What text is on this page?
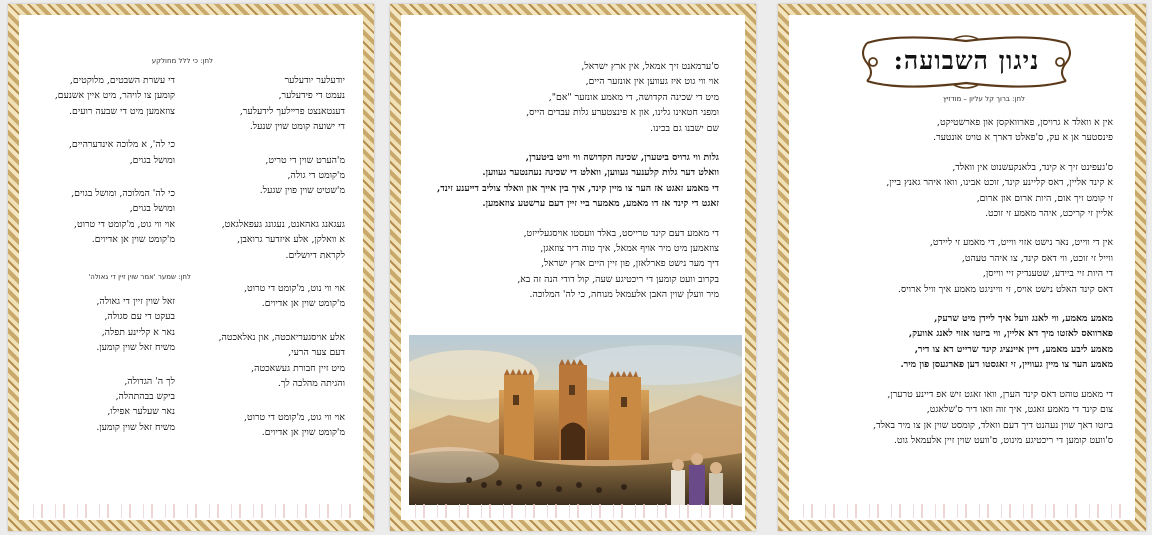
לחן: כי ללל מחולקע
יודעלער יודעלער
נעמט די פידעלער,
דענטאנצט פרײלעך לידעלער,
די ישועה קומט שוין שנעל.
מ'הערט שוין די טריט,
מ'קומט די גולה,
מ'שטיט שוין פוין שגעל.
געגאנג גאהאנט, נעגונג געפאלגאט,
א וואלקן, אלע איזדער גרואבן,
לקראת דיושלים.
אוי ווי נוט, מ'קומט די טרוט,
מ'קומט שוין אן אדיוים.
אלע אויסגעריאכטה, און נאלאכטה,
דעם צער הרעי,
מיט זיין חבורת געשאכטה,
והגיתה מהלכה לך.
אוי ווי גוט, מ'קומט די טרוט,
מ'קומט שוין אן אדיוים.
די עשרת השבטים, מלוקטים,
קומען צו לויהר, מיט איין אשנעם,
צוזאמען מיט די שבעה רועים.
כי לה', א מלוכה אינדערהיים,
ומושל בגוים,
כי לה' המלוכה, ומושל בגוים,
ומושל בגוים,
אוי ווי גוט, מ'קומט די טרוט,
מ'קומט שוין אן אדיוים.
לחן: שמער 'אמר שוין זיין די גאולה'
זאל שוין זיין די גאולה,
בעקט די עם סגולה,
נאר א קליינע תפלה,
משיח זאל שוין קומען.
לך ה' הגדולה,
ביקש בבהתהלה,
נאר שעלער אפילו,
משיח זאל שוין קומען.
ס'ערמאנט זיך אמאל, אין ארץ ישראל,
אוי ווי גוט איז געווען אין אונזער היים,
מיט די שכינה הקדושה, די מאמע אונזער "אם",
ומפני חטאינו גלינו, און א פינצטערע גלות עבדים הייס,
שם ישבנו גם בכינו.
גלות ווי גרויס ביטערן, שכינה הקדושה ווי וויט ביטערן,
וואלט דער גלות קלענער געווען, וואלט די שכינה נעהנטער געווען.
די מאמע זאגט אז הער צו מיין קינד, איך בין אייך און וואלד צוליב דייענע זינד,
זאגט די קינד אז דו מאמע, מאמער ביי זיין דעם ערשטע צוזאמען.
די מאמע דעם קינד טרייסט, באלד וועסטו אויסגעלייזט,
צוזאמען מיט מיר אויף אמאל, איך טוה דיר צוזאגן,
דיך מער נישט פארלאזן, פון זיין היים ארץ ישראל,
בקרוב וועט קומען די ריכטיגע שעה, קול דודי הנה זה בא,
מיר וועלן שוין האבן אלעמאל מנוחה, כי לה' המלוכה.
ניגון השבועה:
לחן: ברוך קל עליון – מודזיץ
אין א וואלד א גרויסן, פארוואקסן און פארשטיקט,
פינסטער אן א עק, ס'פאלט דארך א טויט אונטער.
ס'געפינט זיך א קינד, בלאנקעשנוט אין וואלד,
א קינד אליין, דאס קליינע קינד, זוכט אבינו, וואו איהר גאנץ ביין,
זי קומט זיך אום, היות ארום און ארום,
אליין זי קריכט, איהר מאמע זי זוכט.
אין די ווייט, נאר נישט אזוי ווייט, די מאמע זי ליידט,
ווייל זי זוכט, ווי דאס קינד, צו איהר טעהט,
די היות זיי ביידע, שטענדיק זיי ווייסן,
דאס קינד האלט נישט אויס, זי ווייניגט מאמע איך וויל ארויס.
מאמע מאמע, ווי לאנג וועל איך ליידן מיט שרעק,
פארוואס לאזטו מיך דא אליין, ווי ביזטו אזוי לאנג אוועק,
מאמע ליבע מאמע, דיין איינציג קינד שרייט דא צו דיר,
מאמע הער צו מיין געוויין, זי זאגסטו דען פארגעסן פון מיר.
די מאמע טוהט דאס קינד הערן, וואו זאגט זיש אפ דיינע טרערן,
צום קינד די מאמע זאגט, איך זוה וואו דיר ס'שלאגט,
ביזטו דאך שוין נעהנט דיך דעם וואלד, קומסט שוין אן צו מיר באלד,
ס'וועט קומען די ריכטיגע מינוט, ס'וועט שוין זיין אלעמאל גוט.
